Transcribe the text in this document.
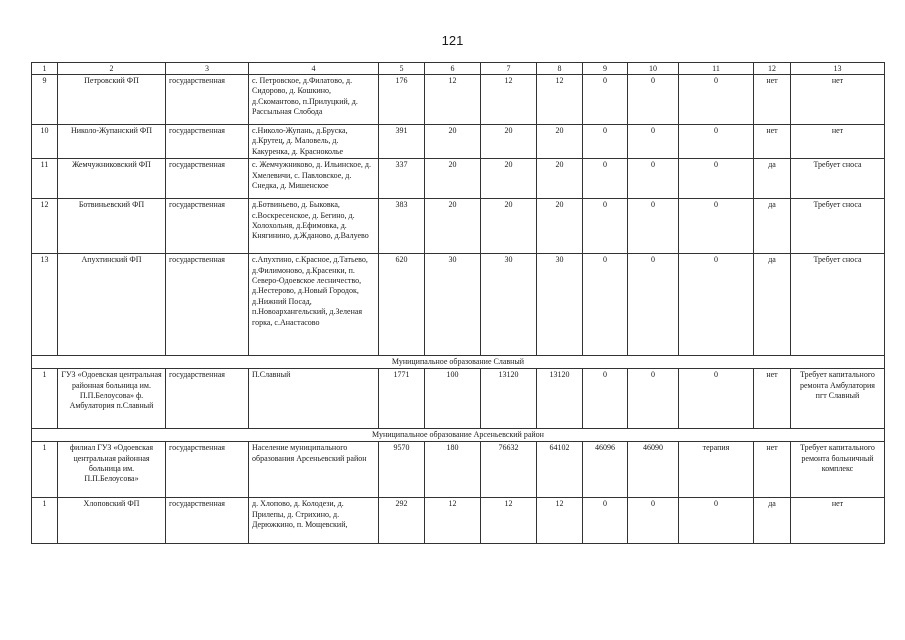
121
1	2	3	4	5	6	7	8	9	10	11	12	13
9	Петровский ФП	государственная	с. Петровское, д.Филатово, д. Сидорово, д. Кошкино, д.Скомантово, п.Прилуцкий, д. Рассыльная Слобода	176	12	12	12	0	0	0	нет	нет
10	Николо-Жупанский ФП	государственная	с.Николо-Жупань, д.Бруска, д.Крутец, д. Маловель, д. Какуренка, д. Красноколье	391	20	20	20	0	0	0	нет	нет
11	Жемчужниковский ФП	государственная	с. Жемчужниково, д. Ильинское, д. Хмелевичи, с. Павловское, д. Снедка, д. Мишенское	337	20	20	20	0	0	0	да	Требует сноса
12	Ботвиньевский ФП	государственная	д.Ботвиньево, д. Быковка, с.Воскресенское, д. Бегино, д. Холохольня, д.Ефимовка, д. Княгинино, д.Жданово, д.Валуево	383	20	20	20	0	0	0	да	Требует сноса
13	Апухтинский ФП	государственная	с.Апухтино, с.Красное, д.Татьево, д.Филимоново, д.Красенки, п. Северо-Одоевское лесничество, д.Нестерово, д.Новый Городок, д.Нижний Посад, п.Новоархангельский, д.Зеленая горка, с.Анастасово	620	30	30	30	0	0	0	да	Требует сноса
Муниципальное образование Славный												
1	ГУЗ «Одоевская центральная районная больница им. П.П.Белоусова» ф. Амбулатория п.Славный	государственная	П.Славный	1771	100	13120	13120	0	0	0	нет	Требует капитального ремонта Амбулатория пгт Славный
Муниципальное образование Арсеньевский район												
1	филиал ГУЗ «Одоевская центральная районная больница им. П.П.Белоусова»	государственная	Население муниципального образования Арсеньевский район	9570	180	76632	64102	46096	46090	терапия	нет	Требует капитального ремонта больничный комплекс
1	Хлоповский ФП	государственная	д. Хлопово, д. Колодези, д. Прилепы, д. Стрихино, д. Дерюжкино, п. Мощевский,	292	12	12	12	0	0	0	да	нет
